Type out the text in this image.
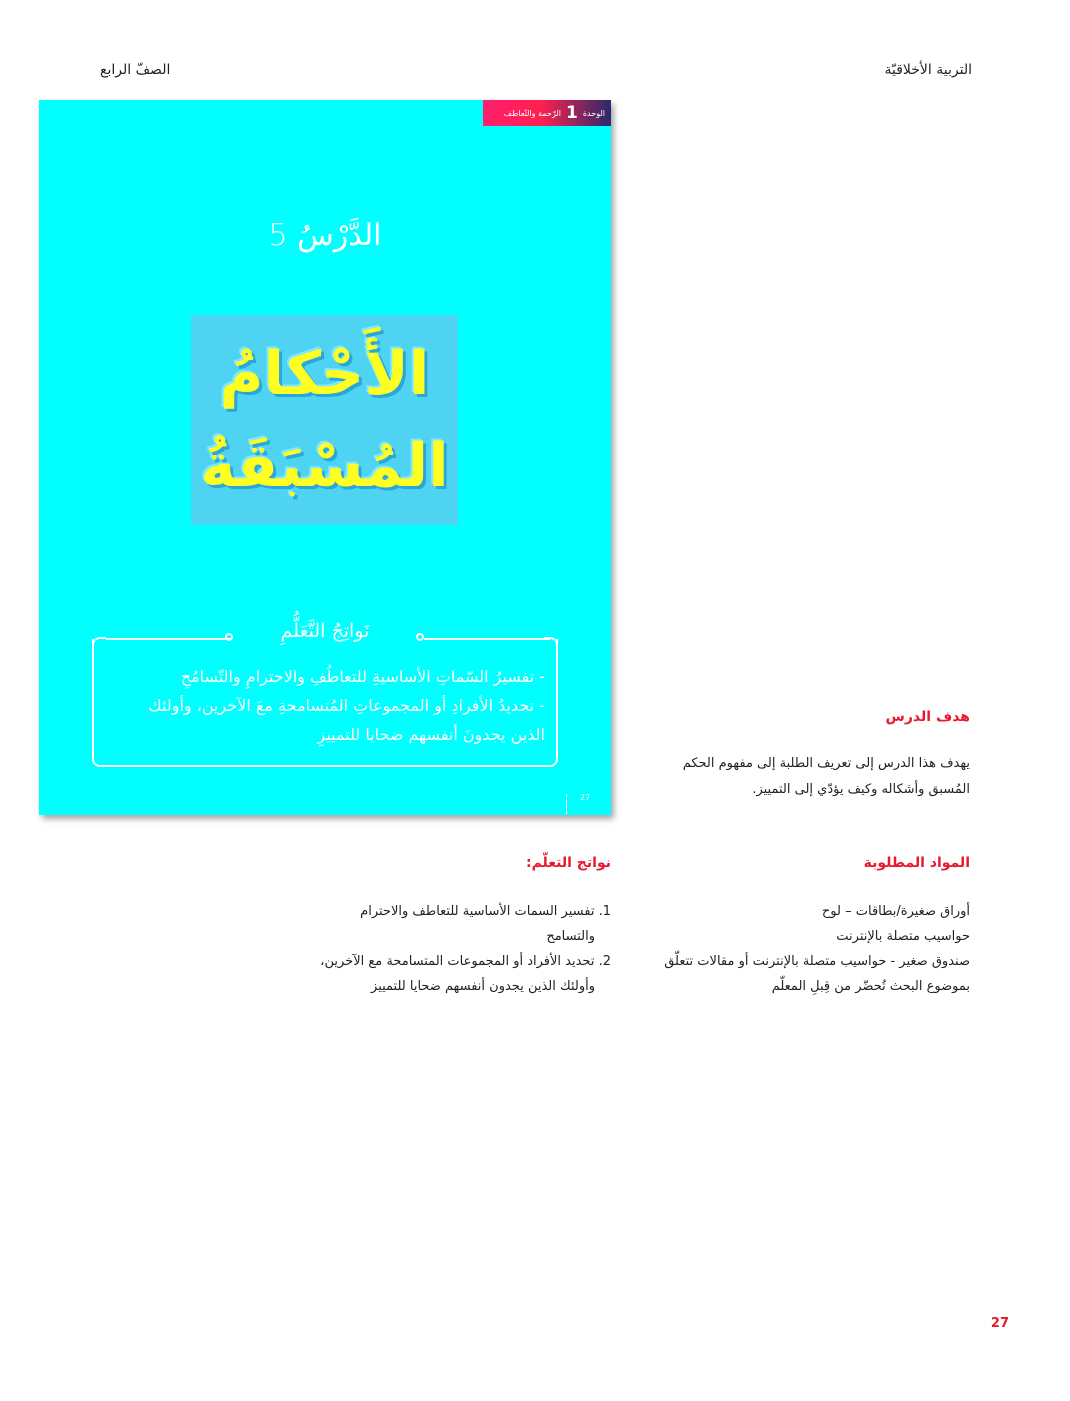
التربية الأخلاقيّة
الصفّ الرابع
الوحدة
1
الرّحمة والتّعاطف
الدَّرْسُ 5
الأَحْكامُ
المُسْبَقَةُ
نَواتِجُ التَّعَلُّمِ
- تفسيرُ السّماتِ الأساسيةِ للتعاطُفِ والاحترامِ والتّسامُحِ
- تحديدُ الأفرادِ أو المجموعاتِ المُتسامحةِ معَ الآخرين، وأولئك
الذين يجدونَ أنفسهم ضحايا للتمييزِ
27
هدف الدرس
يهدف هذا الدرس إلى تعريف الطلبة إلى مفهوم الحكم
المُسبق وأشكاله وكيف يؤدّي إلى التمييز.
المواد المطلوبة
أوراق صغيرة/بطاقات – لوح
حواسيب متصلة بالإنترنت
صندوق صغير - حواسيب متصلة بالإنترنت أو مقالات تتعلّق
بموضوع البحث تُحضّر من قِبلِ المعلّم
نواتج التعلّم:
1. تفسير السمات الأساسية للتعاطف والاحترام
والتسامح
2. تحديد الأفراد أو المجموعات المتسامحة مع الآخرين،
وأولئك الذين يجدون أنفسهم ضحايا للتمييز
27
